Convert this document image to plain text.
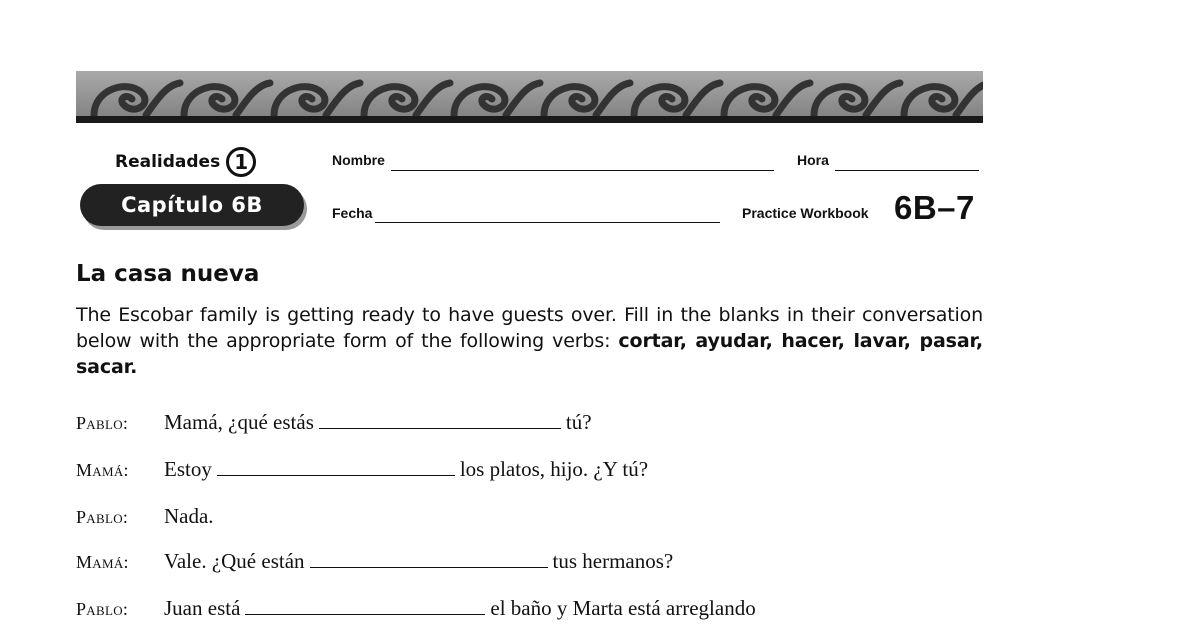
Realidades 1
Capítulo 6B
Nombre	Hora
Fecha	Practice Workbook 6B–7
La casa nueva
The Escobar family is getting ready to have guests over. Fill in the blanks in their conversation below with the appropriate form of the following verbs: cortar, ayudar, hacer, lavar, pasar, sacar.
Pablo: Mamá, ¿qué estás	tú?
Mamá: Estoy	los platos, hijo. ¿Y tú?
Pablo: Nada.
Mamá: Vale. ¿Qué están	tus hermanos?
Pablo: Juan está	el baño y Marta está arreglando
